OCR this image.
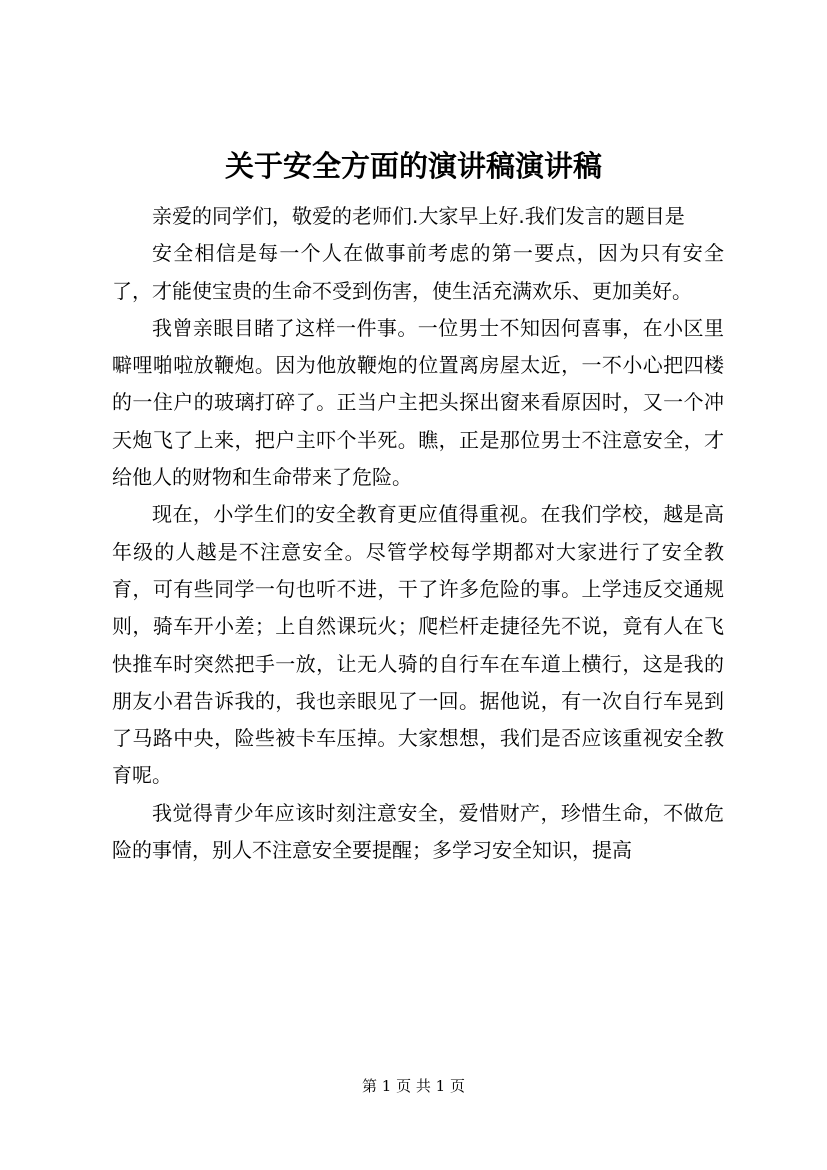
关于安全方面的演讲稿演讲稿

亲爱的同学们，敬爱的老师们.大家早上好.我们发言的题目是

安全相信是每一个人在做事前考虑的第一要点，因为只有安全了，才能使宝贵的生命不受到伤害，使生活充满欢乐、更加美好。

我曾亲眼目睹了这样一件事。一位男士不知因何喜事，在小区里噼哩啪啦放鞭炮。因为他放鞭炮的位置离房屋太近，一不小心把四楼的一住户的玻璃打碎了。正当户主把头探出窗来看原因时，又一个冲天炮飞了上来，把户主吓个半死。瞧，正是那位男士不注意安全，才给他人的财物和生命带来了危险。

现在，小学生们的安全教育更应值得重视。在我们学校，越是高年级的人越是不注意安全。尽管学校每学期都对大家进行了安全教育，可有些同学一句也听不进，干了许多危险的事。上学违反交通规则，骑车开小差；上自然课玩火；爬栏杆走捷径先不说，竟有人在飞快推车时突然把手一放，让无人骑的自行车在车道上横行，这是我的朋友小君告诉我的，我也亲眼见了一回。据他说，有一次自行车晃到了马路中央，险些被卡车压掉。大家想想，我们是否应该重视安全教育呢。

我觉得青少年应该时刻注意安全，爱惜财产，珍惜生命，不做危险的事情，别人不注意安全要提醒；多学习安全知识，提高

第 1 页 共 1 页
